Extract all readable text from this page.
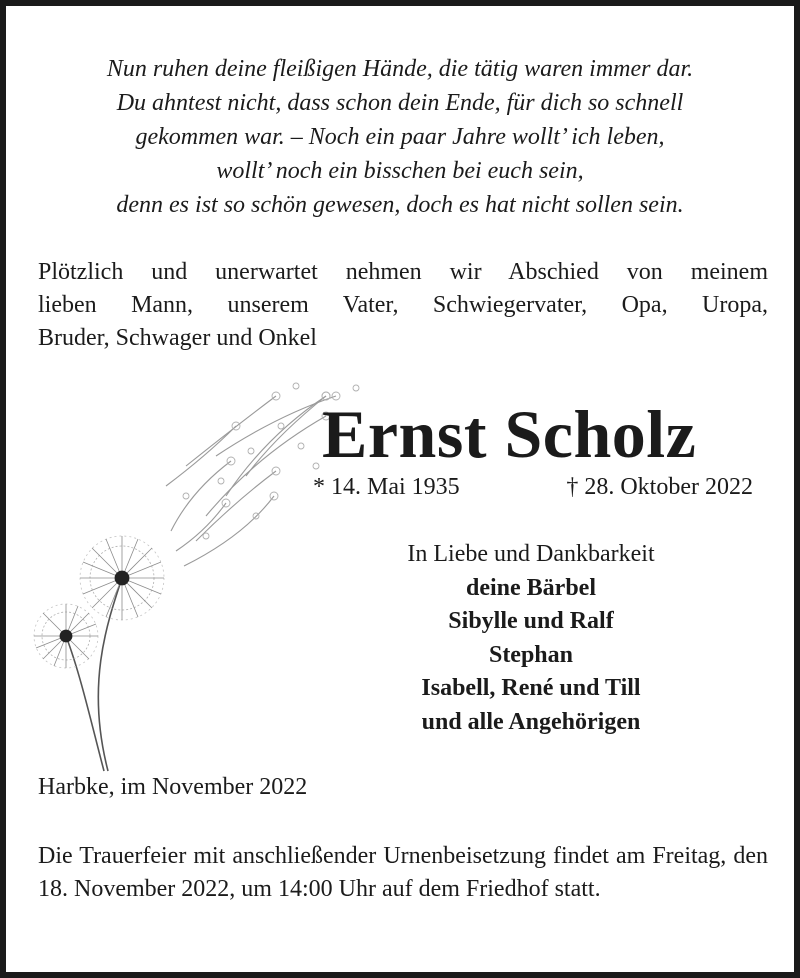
Nun ruhen deine fleißigen Hände, die tätig waren immer dar.
Du ahntest nicht, dass schon dein Ende, für dich so schnell
gekommen war. – Noch ein paar Jahre wollt’ ich leben,
wollt’ noch ein bisschen bei euch sein,
denn es ist so schön gewesen, doch es hat nicht sollen sein.
Plötzlich und unerwartet nehmen wir Abschied von meinem
lieben Mann, unserem Vater, Schwiegervater, Opa, Uropa,
Bruder, Schwager und Onkel
Ernst Scholz
* 14. Mai 1935	† 28. Oktober 2022
In Liebe und Dankbarkeit
deine Bärbel
Sibylle und Ralf
Stephan
Isabell, René und Till
und alle Angehörigen
Harbke, im November 2022
Die Trauerfeier mit anschließender Urnenbeisetzung findet am Freitag, den 18. November 2022, um 14:00 Uhr auf dem Friedhof statt.
